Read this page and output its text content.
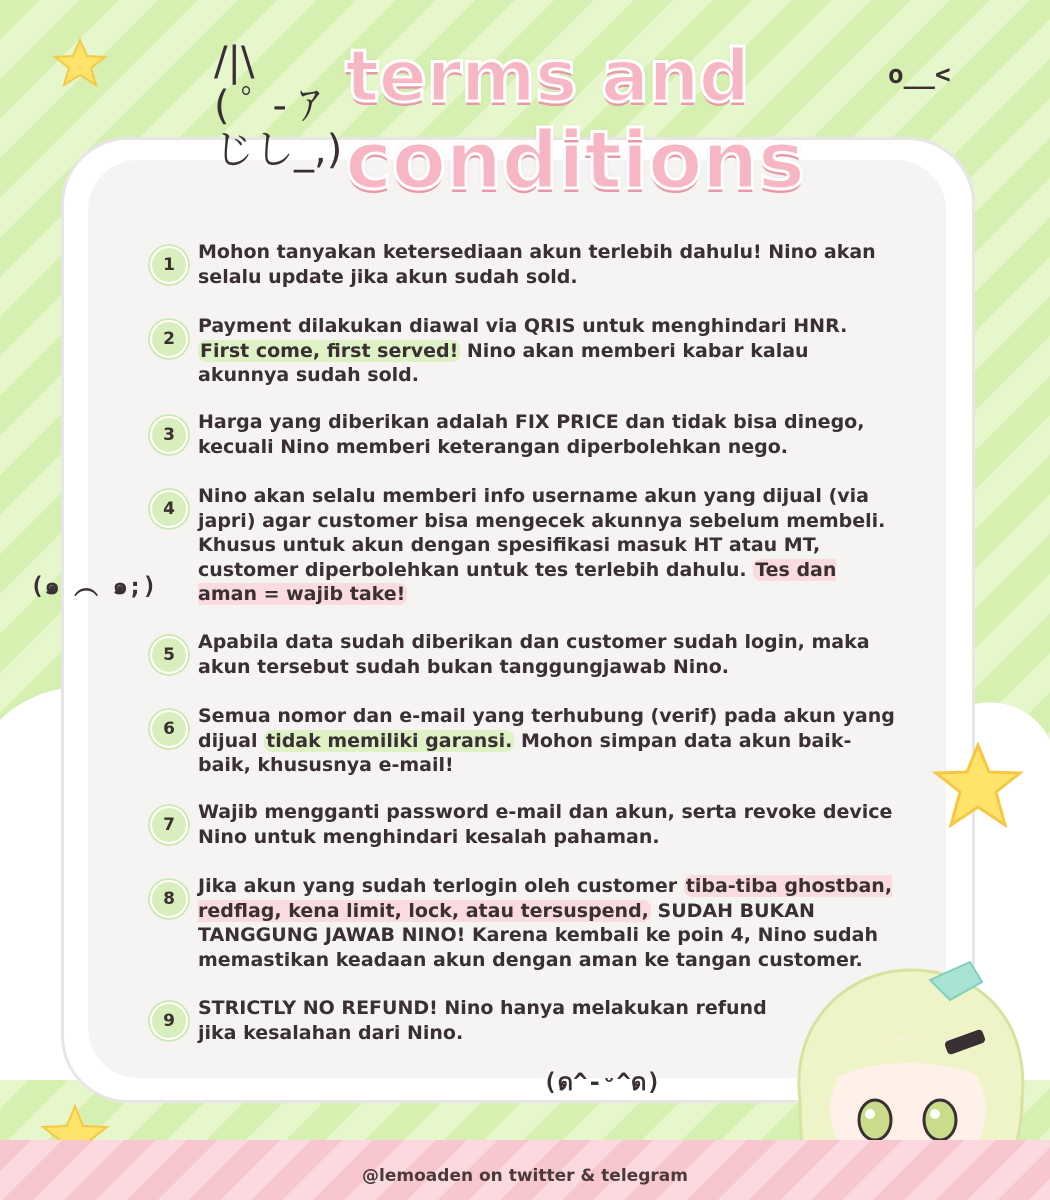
/|\
( ﾟ - ｱ
じし_,)
o__<
terms and
conditions
(๑ ︵ ๑;)
1
Mohon tanyakan ketersediaan akun terlebih dahulu! Nino akan selalu update jika akun sudah sold.
2
Payment dilakukan diawal via QRIS untuk menghindari HNR. First come, first served! Nino akan memberi kabar kalau akunnya sudah sold.
3
Harga yang diberikan adalah FIX PRICE dan tidak bisa dinego, kecuali Nino memberi keterangan diperbolehkan nego.
4
Nino akan selalu memberi info username akun yang dijual (via japri) agar customer bisa mengecek akunnya sebelum membeli. Khusus untuk akun dengan spesifikasi masuk HT atau MT, customer diperbolehkan untuk tes terlebih dahulu. Tes dan aman = wajib take!
5
Apabila data sudah diberikan dan customer sudah login, maka akun tersebut sudah bukan tanggungjawab Nino.
6
Semua nomor dan e-mail yang terhubung (verif) pada akun yang dijual tidak memiliki garansi. Mohon simpan data akun baik-baik, khususnya e-mail!
7
Wajib mengganti password e-mail dan akun, serta revoke device Nino untuk menghindari kesalah pahaman.
8
Jika akun yang sudah terlogin oleh customer tiba-tiba ghostban, redflag, kena limit, lock, atau tersuspend, SUDAH BUKAN TANGGUNG JAWAB NINO! Karena kembali ke poin 4, Nino sudah memastikan keadaan akun dengan aman ke tangan customer.
9
STRICTLY NO REFUND! Nino hanya melakukan refund
jika kesalahan dari Nino.
(ด^-ᵕ^ด)
@lemoaden on twitter & telegram
